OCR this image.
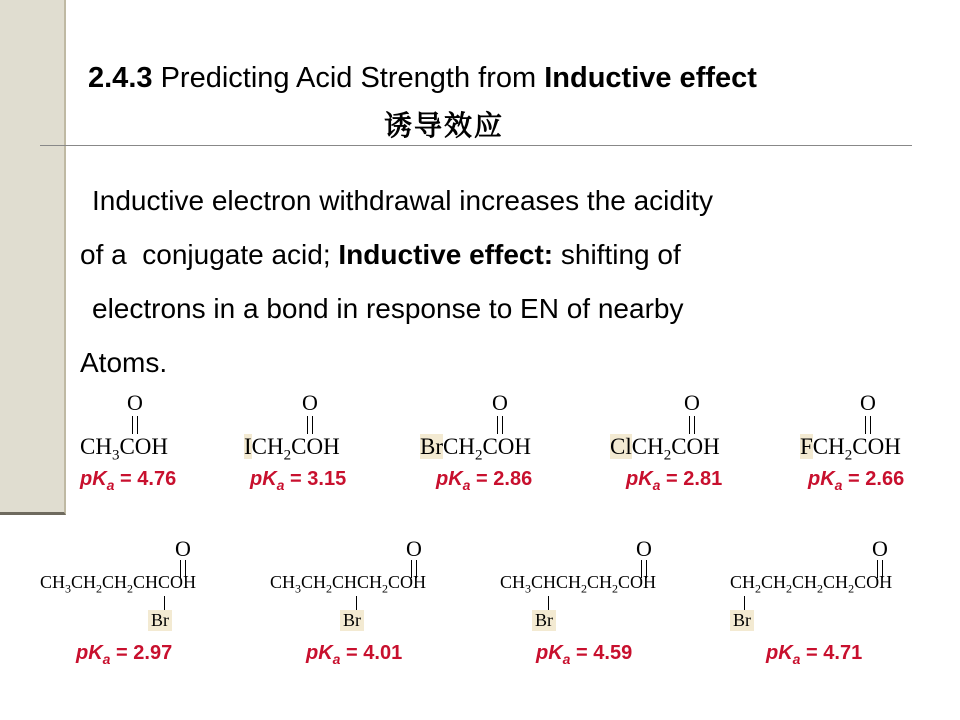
2.4.3 Predicting Acid Strength from Inductive effect
诱导效应
Inductive electron withdrawal increases the acidity
of a  conjugate acid; Inductive effect: shifting of
electrons in a bond in response to EN of nearby
Atoms.
O
$CH_3COH$
$pK_a = 4.76$
O
$ICH_2COH$
$pK_a = 3.15$
O
BrCH$_2$COH
$pK_a = 2.86$
O
ClCH$_2$COH
$pK_a = 2.81$
O
$FCH_2COH$
$pK_a = 2.66$
O
$CH_3CH_2CH_2CHCOH$
Br
$pK_a = 2.97$
O
$CH_3CH_2CHCH_2COH$
Br
$pK_a = 4.01$
O
$CH_3CHCH_2CH_2COH$
Br
$pK_a = 4.59$
O
$CH_2CH_2CH_2CH_2COH$
Br
$pK_a = 4.71$
